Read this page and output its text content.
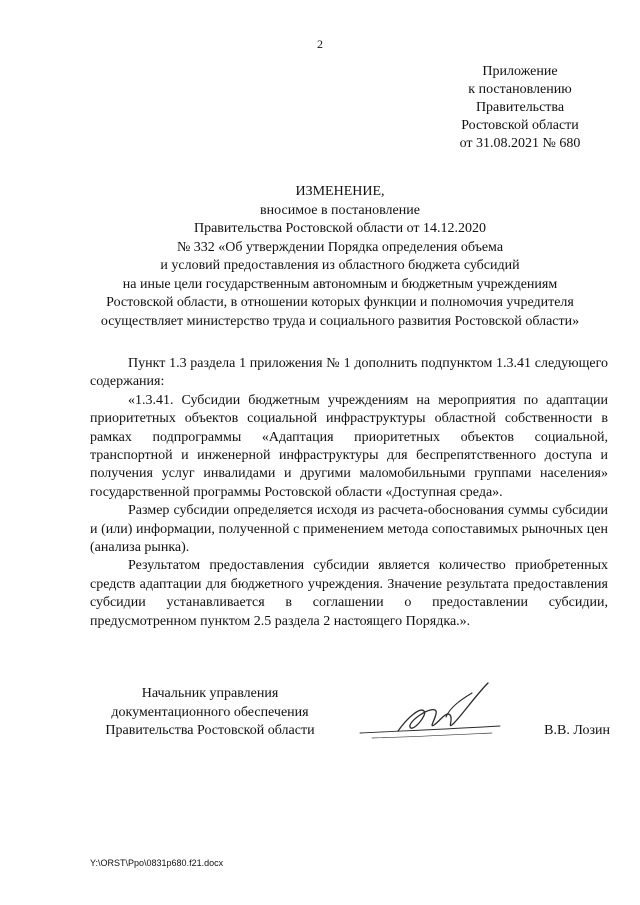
2
Приложение
к постановлению
Правительства
Ростовской области
от 31.08.2021 № 680
ИЗМЕНЕНИЕ,
вносимое в постановление
Правительства Ростовской области от 14.12.2020
№ 332 «Об утверждении Порядка определения объема
и условий предоставления из областного бюджета субсидий
на иные цели государственным автономным и бюджетным учреждениям
Ростовской области, в отношении которых функции и полномочия учредителя
осуществляет министерство труда и социального развития Ростовской области»

Пункт 1.3 раздела 1 приложения № 1 дополнить подпунктом 1.3.41 следующего содержания:

«1.3.41. Субсидии бюджетным учреждениям на мероприятия по адаптации приоритетных объектов социальной инфраструктуры областной собственности в рамках подпрограммы «Адаптация приоритетных объектов социальной, транспортной и инженерной инфраструктуры для беспрепятственного доступа и получения услуг инвалидами и другими маломобильными группами населения» государственной программы Ростовской области «Доступная среда».

Размер субсидии определяется исходя из расчета-обоснования суммы субсидии и (или) информации, полученной с применением метода сопоставимых рыночных цен (анализа рынка).

Результатом предоставления субсидии является количество приобретенных средств адаптации для бюджетного учреждения. Значение результата предоставления субсидии устанавливается в соглашении о предоставлении субсидии, предусмотренном пунктом 2.5 раздела 2 настоящего Порядка.».

Начальник управления
документационного обеспечения
Правительства Ростовской области	В.В. Лозин
Y:\ORST\Ppo\0831p680.f21.docx
